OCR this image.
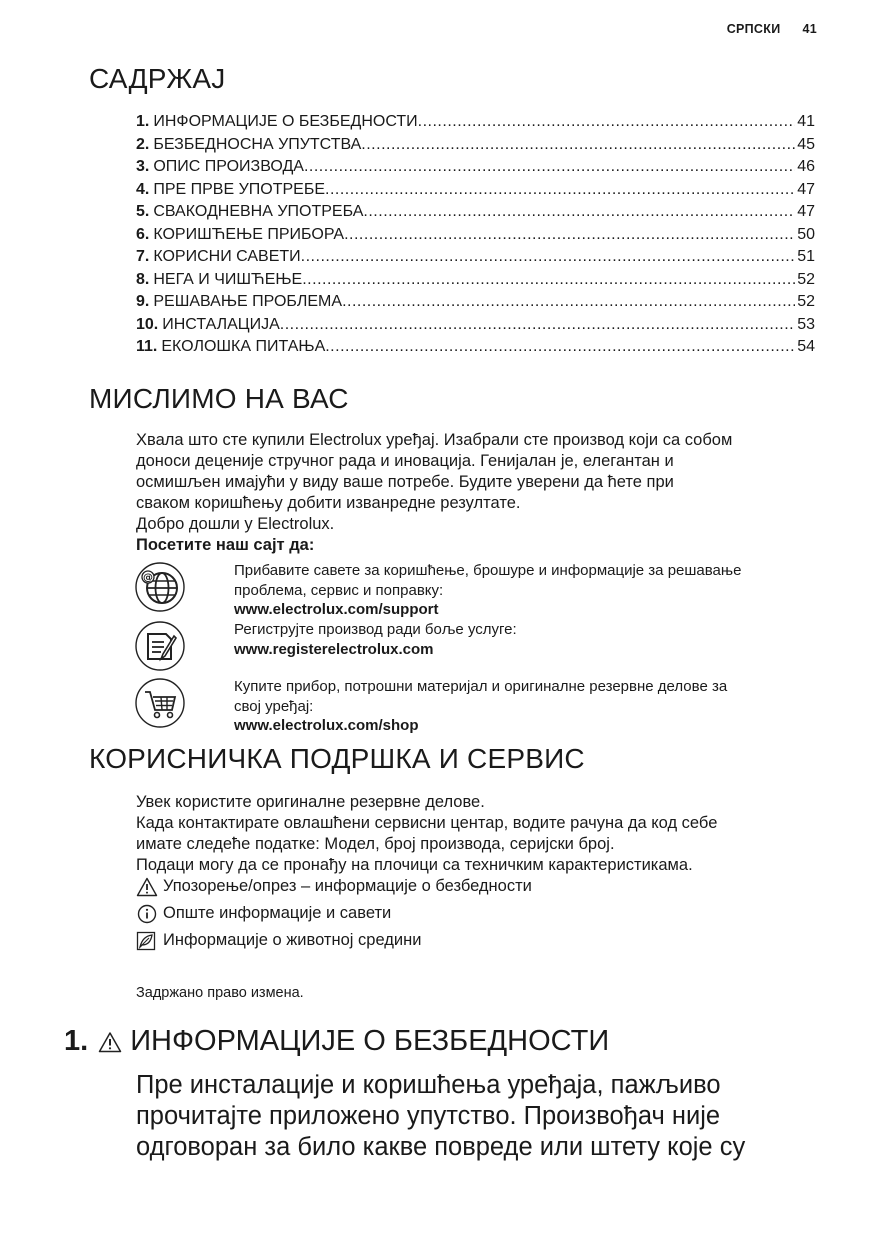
СРПСКИ 41
САДРЖАЈ
1. ИНФОРМАЦИЈЕ О БЕЗБЕДНОСТИ .....	41
2. БЕЗБЕДНОСНА УПУТСТВА .....	45
3. ОПИС ПРОИЗВОДА .....	46
4. ПРЕ ПРВЕ УПОТРЕБЕ .....	47
5. СВАКОДНЕВНА УПОТРЕБА .....	47
6. КОРИШЋЕЊЕ ПРИБОРА .....	50
7. КОРИСНИ САВЕТИ .....	51
8. НЕГА И ЧИШЋЕЊЕ .....	52
9. РЕШАВАЊЕ ПРОБЛЕМА .....	52
10. ИНСТАЛАЦИЈА .....	53
11. ЕКОЛОШКА ПИТАЊА .....	54
МИСЛИМО НА ВАС

Хвала што сте купили Electrolux уређај. Изабрали сте производ који са собом

доноси деценије стручног рада и иновација. Генијалан је, елегантан и

осмишљен имајући у виду ваше потребе. Будите уверени да ћете при

сваком коришћењу добити изванредне резултате.

Добро дошли у Electrolux.

Посетите наш сајт да:

@	Прибавите савете за коришћење, брошуре и информације за решавање
проблема, сервис и поправку:
www.electrolux.com/support
Региструјте производ ради боље услуге:
www.registerelectrolux.com
Купите прибор, потрошни материјал и оригиналне резервне делове за
свој уређај:
www.electrolux.com/shop
КОРИСНИЧКА ПОДРШКА И СЕРВИС

Увек користите оригиналне резервне делове.

Када контактирате овлашћени сервисни центар, водите рачуна да код себе

имате следеће податке: Модел, број производа, серијски број.

Подаци могу да се пронађу на плочици са техничким карактеристикама.

Упозорење/опрез – информације о безбедности
Опште информације и савети
Информације о животној средини
Задржано право измена.
1. ИНФОРМАЦИЈЕ О БЕЗБЕДНОСТИ
Пре инсталације и коришћења уређаја, пажљиво
прочитајте приложено упутство. Произвођач није
одговоран за било какве повреде или штету које су
